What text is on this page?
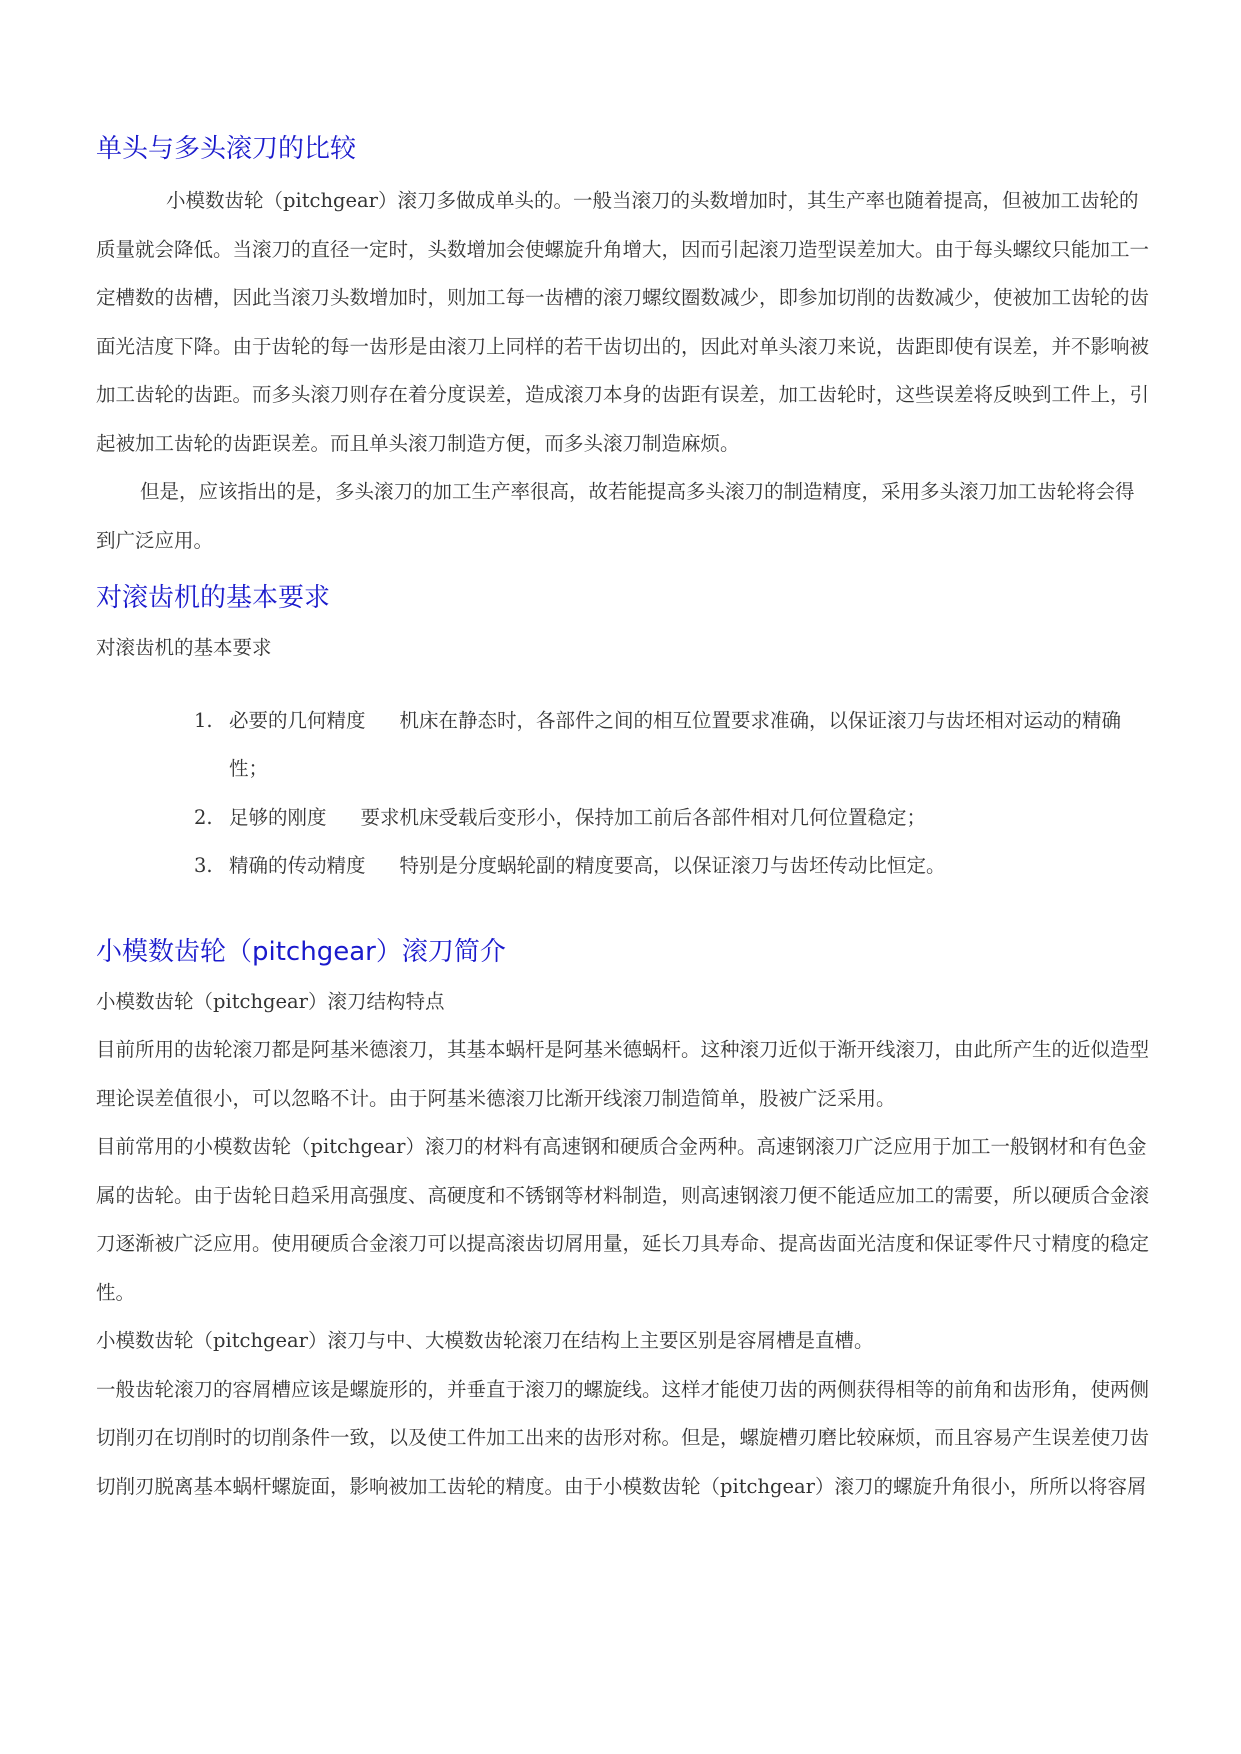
单头与多头滚刀的比较

小模数齿轮（pitchgear）滚刀多做成单头的。一般当滚刀的头数增加时，其生产率也随着提高，但被加工齿轮的质量就会降低。当滚刀的直径一定时，头数增加会使螺旋升角增大，因而引起滚刀造型误差加大。由于每头螺纹只能加工一定槽数的齿槽，因此当滚刀头数增加时，则加工每一齿槽的滚刀螺纹圈数减少，即参加切削的齿数减少，使被加工齿轮的齿面光洁度下降。由于齿轮的每一齿形是由滚刀上同样的若干齿切出的，因此对单头滚刀来说，齿距即使有误差，并不影响被加工齿轮的齿距。而多头滚刀则存在着分度误差，造成滚刀本身的齿距有误差，加工齿轮时，这些误差将反映到工件上，引起被加工齿轮的齿距误差。而且单头滚刀制造方便，而多头滚刀制造麻烦。

但是，应该指出的是，多头滚刀的加工生产率很高，故若能提高多头滚刀的制造精度，采用多头滚刀加工齿轮将会得到广泛应用。

对滚齿机的基本要求

对滚齿机的基本要求

1. 必要的几何精度 机床在静态时，各部件之间的相互位置要求准确，以保证滚刀与齿坯相对运动的精确性；
2. 足够的刚度 要求机床受载后变形小，保持加工前后各部件相对几何位置稳定；
3. 精确的传动精度 特别是分度蜗轮副的精度要高，以保证滚刀与齿坯传动比恒定。
小模数齿轮（pitchgear）滚刀简介

小模数齿轮（pitchgear）滚刀结构特点

目前所用的齿轮滚刀都是阿基米德滚刀，其基本蜗杆是阿基米德蜗杆。这种滚刀近似于渐开线滚刀，由此所产生的近似造型理论误差值很小，可以忽略不计。由于阿基米德滚刀比渐开线滚刀制造简单，股被广泛采用。

目前常用的小模数齿轮（pitchgear）滚刀的材料有高速钢和硬质合金两种。高速钢滚刀广泛应用于加工一般钢材和有色金属的齿轮。由于齿轮日趋采用高强度、高硬度和不锈钢等材料制造，则高速钢滚刀便不能适应加工的需要，所以硬质合金滚刀逐渐被广泛应用。使用硬质合金滚刀可以提高滚齿切屑用量，延长刀具寿命、提高齿面光洁度和保证零件尺寸精度的稳定性。

小模数齿轮（pitchgear）滚刀与中、大模数齿轮滚刀在结构上主要区别是容屑槽是直槽。

一般齿轮滚刀的容屑槽应该是螺旋形的，并垂直于滚刀的螺旋线。这样才能使刀齿的两侧获得相等的前角和齿形角，使两侧切削刃在切削时的切削条件一致，以及使工件加工出来的齿形对称。但是，螺旋槽刃磨比较麻烦，而且容易产生误差使刀齿切削刃脱离基本蜗杆螺旋面，影响被加工齿轮的精度。由于小模数齿轮（pitchgear）滚刀的螺旋升角很小，所所以将容屑
